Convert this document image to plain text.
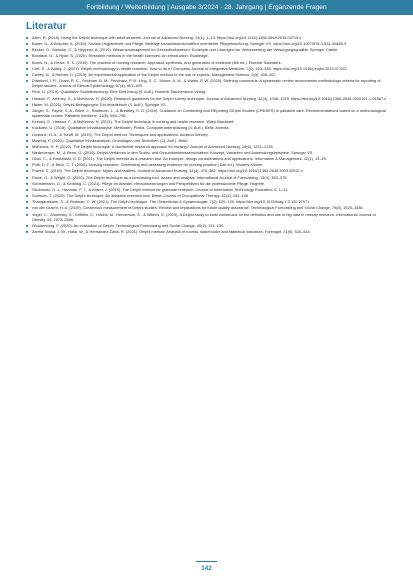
Fortbildung / Weiterbildung | Ausgabe 3/2024 · 28. Jahrgang | Ergänzende Fragen
Literatur
■ Allen, R. (2018). Using the Delphi technique with adult students. Journal of Advanced Nursing, 24(1), 1–13. https://doi.org/10.1111/j.1365-2648.2018.03715.x
■ Bauer, U., & Büscher, A. (2020). Soziale Ungleichheit und Pflege. Beiträge sozialwissenschaftlich orientierter Pflegeforschung. Springer VS. https://doi.org/10.1007/978-3-531-90885-9
■ Becker, G., Mahnke, C., & Höppner, A. (2019). Wissensmanagement im Gesundheitswesen: Konzepte und Lösungen zur Verbesserung der Versorgungsqualität. Springer Gabler.
■ Boniface, G., & Ryan, S. (2020). Research methods in the health sciences: An introduction. Routledge.
■ Burns, N., & Grove, S. K. (2019). The practice of nursing research: Appraisal, synthesis, and generation of evidence (8th ed.). Elsevier Saunders.
■ Carr, S., & Bailey, J. (2021). Delphi methodology in health research: How to do it? European Journal of Integrative Medicine, 7(4), 423–428. https://doi.org/10.1016/j.eujim.2015.07.002
■ Dalkey, N., & Helmer, O. (2019). An experimental application of the Delphi method to the use of experts. Management Science, 9(3), 458–467.
■ Diamond, I. R., Grant, R. C., Feldman, B. M., Pencharz, P. B., Ling, S. C., Moore, A. M., & Wales, P. W. (2020). Defining consensus: A systematic review recommends methodologic criteria for reporting of Delphi studies. Journal of Clinical Epidemiology, 67(4), 401–409.
■ Flick, U. (2019). Qualitative Sozialforschung: Eine Einführung (9. Aufl.). Rowohlt Taschenbuch Verlag.
■ Hasson, F., Keeney, S., & McKenna, H. (2020). Research guidelines for the Delphi survey technique. Journal of Advanced Nursing, 32(4), 1008–1015. https://doi.org/10.1046/j.1365-2648.2000.t01-1-01567.x
■ Häder, M. (2021). Delphi-Befragungen: Ein Arbeitsbuch (3. Aufl.). Springer VS.
■ Jünger, S., Payne, S. A., Brine, J., Radbruch, L., & Brearley, S. G. (2019). Guidance on Conducting and REporting DElphi Studies (CREDES) in palliative care: Recommendations based on a methodological systematic review. Palliative Medicine, 31(8), 684–706.
■ Keeney, S., Hasson, F., & McKenna, H. (2021). The Delphi technique in nursing and health research. Wiley-Blackwell.
■ Kuckartz, U. (2018). Qualitative Inhaltsanalyse: Methoden, Praxis, Computerunterstützung (4. Aufl.). Beltz Juventa.
■ Linstone, H. A., & Turoff, M. (2019). The Delphi method: Techniques and applications. Addison-Wesley.
■ Mayring, P. (2022). Qualitative Inhaltsanalyse: Grundlagen und Techniken (13. Aufl.). Beltz.
■ McKenna, H. P. (2020). The Delphi technique: A worthwhile research approach for nursing? Journal of Advanced Nursing, 19(6), 1221–1225.
■ Niederberger, M., & Renn, O. (2019). Delphi-Verfahren in den Sozial- und Gesundheitswissenschaften: Konzept, Varianten und Anwendungsbeispiele. Springer VS.
■ Okoli, C., & Pawlowski, S. D. (2021). The Delphi method as a research tool: An example, design considerations and applications. Information & Management, 42(1), 15–29.
■ Polit, D. F., & Beck, C. T. (2020). Nursing research: Generating and assessing evidence for nursing practice (11th ed.). Wolters Kluwer.
■ Powell, C. (2019). The Delphi technique: Myths and realities. Journal of Advanced Nursing, 41(4), 376–382. https://doi.org/10.1046/j.1365-2648.2003.02537.x
■ Rowe, G., & Wright, G. (2020). The Delphi technique as a forecasting tool: Issues and analysis. International Journal of Forecasting, 15(4), 353–375.
■ Schmiemann, G., & Kersting, C. (2021). Pflege im Wandel: Herausforderungen und Perspektiven für die professionelle Pflege. Hogrefe.
■ Skulmoski, G. J., Hartman, F. T., & Krahn, J. (2019). The Delphi method for graduate research. Journal of Information Technology Education, 6, 1–21.
■ Sumsion, T. (2020). The Delphi technique: An adaptive research tool. British Journal of Occupational Therapy, 61(4), 153–156.
■ Thangaratinam, S., & Redman, C. W. (2021). The Delphi technique. The Obstetrician & Gynaecologist, 7(2), 120–125. https://doi.org/10.1576/toag.7.2.120.27071
■ von der Gracht, H. A. (2019). Consensus measurement in Delphi studies: Review and implications for future quality assurance. Technological Forecasting and Social Change, 79(8), 1525–1536.
■ Vogel, C., Zwolinsky, S., Griffiths, C., Hobbs, M., Henderson, E., & Wilkins, E. (2019). A Delphi study to build consensus on the definition and use of big data in obesity research. International Journal of Obesity, 43, 2573–2586.
■ Woudenberg, F. (2020). An evaluation of Delphi. Technological Forecasting and Social Change, 40(2), 131–150.
■ Zartha Sossa, J. W., Halal, W., & Hernandez Zarta, R. (2021). Delphi method: Analysis of rounds, stakeholder and statistical indicators. Foresight, 21(5), 525–544.
142
